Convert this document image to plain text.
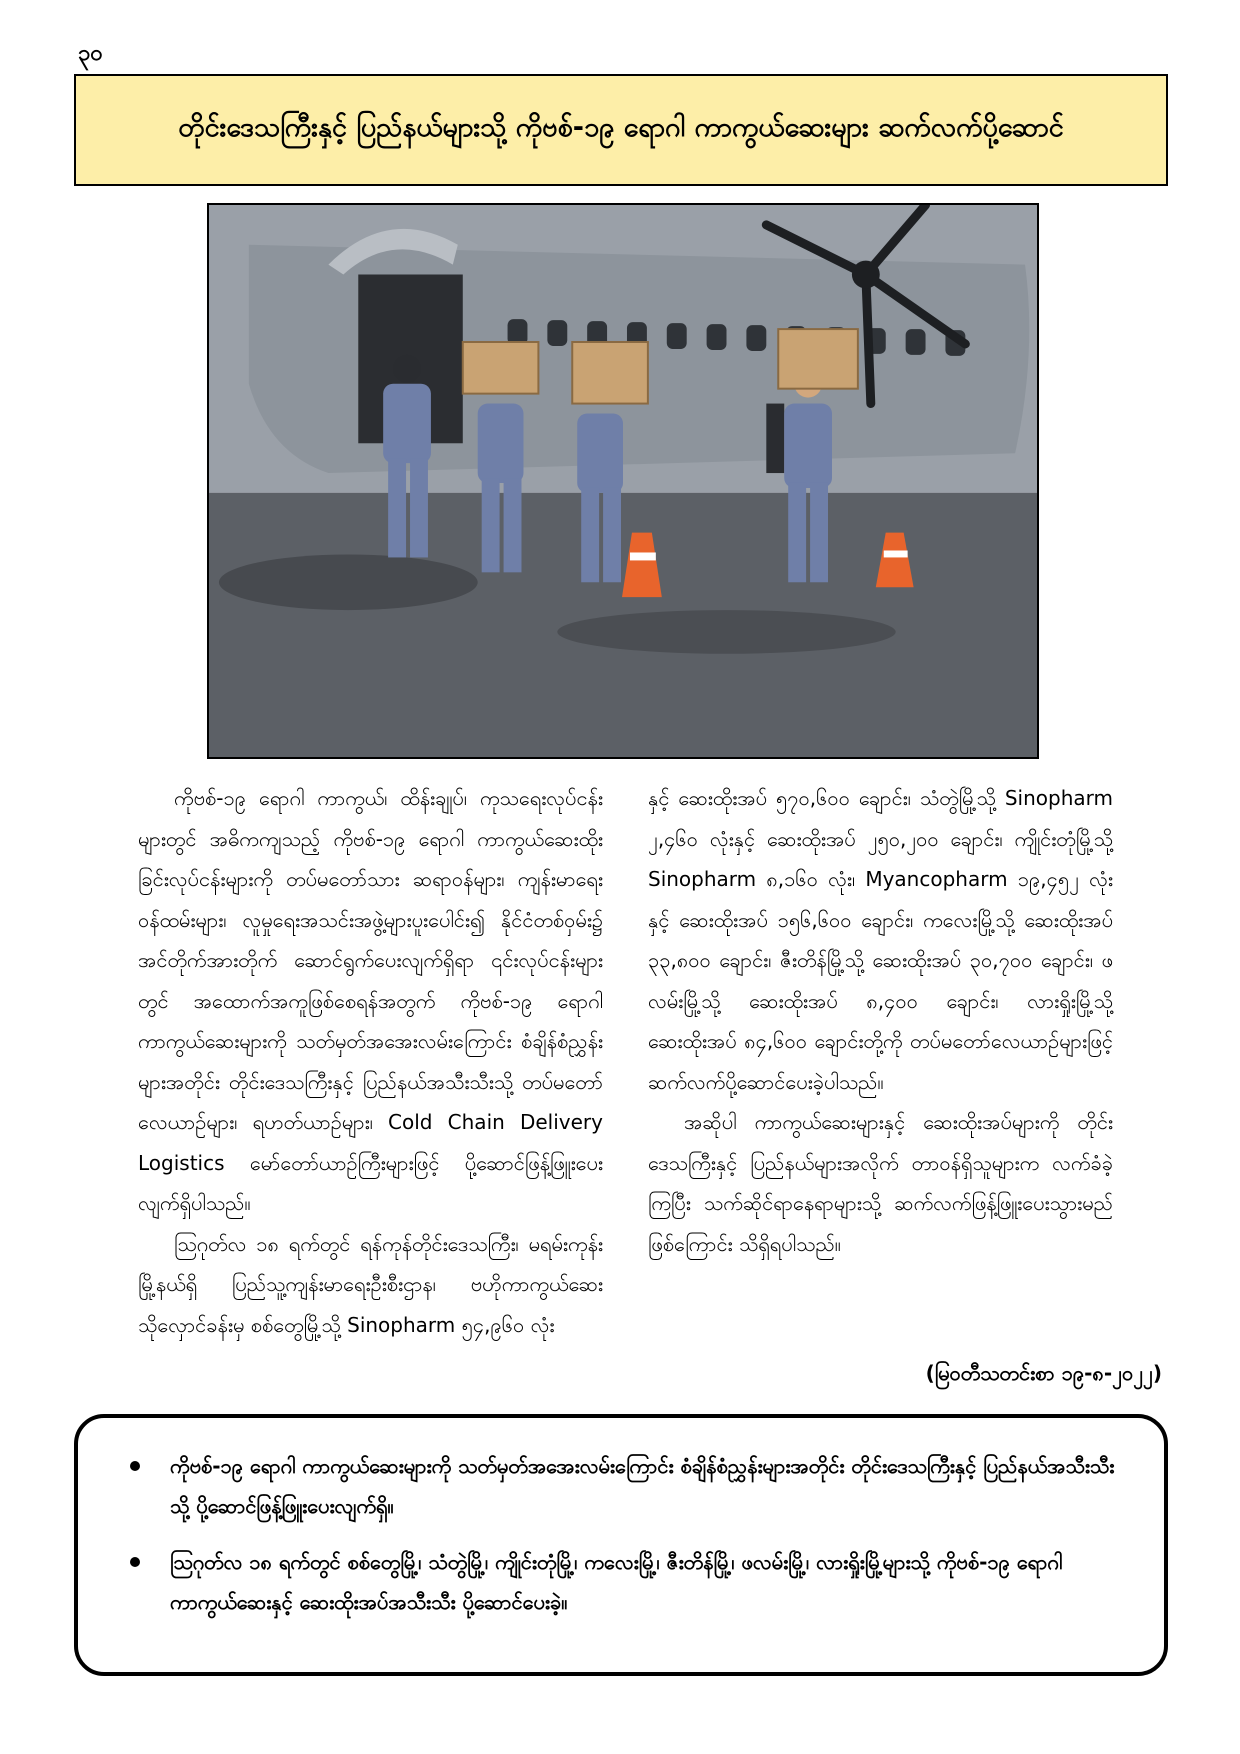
၃၀
တိုင်းဒေသကြီးနှင့် ပြည်နယ်များသို့ ကိုဗစ်-၁၉ ရောဂါ ကာကွယ်ဆေးများ ဆက်လက်ပို့ဆောင်

ကိုဗစ်-၁၉ ရောဂါ ကာကွယ်၊ ထိန်းချုပ်၊ ကုသရေးလုပ်ငန်းများတွင် အဓိကကျသည့် ကိုဗစ်-၁၉ ရောဂါ ကာကွယ်ဆေးထိုးခြင်းလုပ်ငန်းများကို တပ်မတော်သား ဆရာဝန်များ၊ ကျန်းမာရေးဝန်ထမ်းများ၊ လူမှုရေးအသင်းအဖွဲ့များပူးပေါင်း၍ နိုင်ငံတစ်ဝှမ်း၌ အင်တိုက်အားတိုက် ဆောင်ရွက်ပေးလျက်ရှိရာ ၎င်းလုပ်ငန်းများတွင် အထောက်အကူဖြစ်စေရန်အတွက် ကိုဗစ်-၁၉ ရောဂါ ကာကွယ်ဆေးများကို သတ်မှတ်အအေးလမ်းကြောင်း စံချိန်စံညွှန်းများအတိုင်း တိုင်းဒေသကြီးနှင့် ပြည်နယ်အသီးသီးသို့ တပ်မတော်လေယာဉ်များ၊ ရဟတ်ယာဉ်များ၊ Cold Chain Delivery Logistics မော်တော်ယာဉ်ကြီးများဖြင့် ပို့ဆောင်ဖြန့်ဖြူးပေးလျက်ရှိပါသည်။

ဩဂုတ်လ ၁၈ ရက်တွင် ရန်ကုန်တိုင်းဒေသကြီး၊ မရမ်းကုန်းမြို့နယ်ရှိ ပြည်သူ့ကျန်းမာရေးဦးစီးဌာန၊ ဗဟိုကာကွယ်ဆေးသိုလှောင်ခန်းမှ စစ်တွေမြို့သို့ Sinopharm ၅၄,၉၆၀ လုံး

နှင့် ဆေးထိုးအပ် ၅၇၀,၆၀၀ ချောင်း၊ သံတွဲမြို့သို့ Sinopharm ၂,၄၆၀ လုံးနှင့် ဆေးထိုးအပ် ၂၅၀,၂၀၀ ချောင်း၊ ကျိုင်းတုံမြို့သို့ Sinopharm ၈,၁၆၀ လုံး၊ Myancopharm ၁၉,၄၅၂ လုံးနှင့် ဆေးထိုးအပ် ၁၅၆,၆၀၀ ချောင်း၊ ကလေးမြို့သို့ ဆေးထိုးအပ် ၃၃,၈၀၀ ချောင်း၊ ဇီးတိန်မြို့သို့ ဆေးထိုးအပ် ၃၀,၇၀၀ ချောင်း၊ ဖလမ်းမြို့သို့ ဆေးထိုးအပ် ၈,၄၀၀ ချောင်း၊ လားရှိုးမြို့သို့ ဆေးထိုးအပ် ၈၄,၆၀၀ ချောင်းတို့ကို တပ်မတော်လေယာဉ်များဖြင့် ဆက်လက်ပို့ဆောင်ပေးခဲ့ပါသည်။

အဆိုပါ ကာကွယ်ဆေးများနှင့် ဆေးထိုးအပ်များကို တိုင်းဒေသကြီးနှင့် ပြည်နယ်များအလိုက် တာဝန်ရှိသူများက လက်ခံခဲ့ကြပြီး သက်ဆိုင်ရာနေရာများသို့ ဆက်လက်ဖြန့်ဖြူးပေးသွားမည်ဖြစ်ကြောင်း သိရှိရပါသည်။

(မြဝတီသတင်းစာ ၁၉-၈-၂၀၂၂)
ကိုဗစ်-၁၉ ရောဂါ ကာကွယ်ဆေးများကို သတ်မှတ်အအေးလမ်းကြောင်း စံချိန်စံညွှန်းများအတိုင်း တိုင်းဒေသကြီးနှင့် ပြည်နယ်အသီးသီးသို့ ပို့ဆောင်ဖြန့်ဖြူးပေးလျက်ရှိ။
ဩဂုတ်လ ၁၈ ရက်တွင် စစ်တွေမြို့၊ သံတွဲမြို့၊ ကျိုင်းတုံမြို့၊ ကလေးမြို့၊ ဇီးတိန်မြို့၊ ဖလမ်းမြို့၊ လားရှိုးမြို့များသို့ ကိုဗစ်-၁၉ ရောဂါ ကာကွယ်ဆေးနှင့် ဆေးထိုးအပ်အသီးသီး ပို့ဆောင်ပေးခဲ့။
